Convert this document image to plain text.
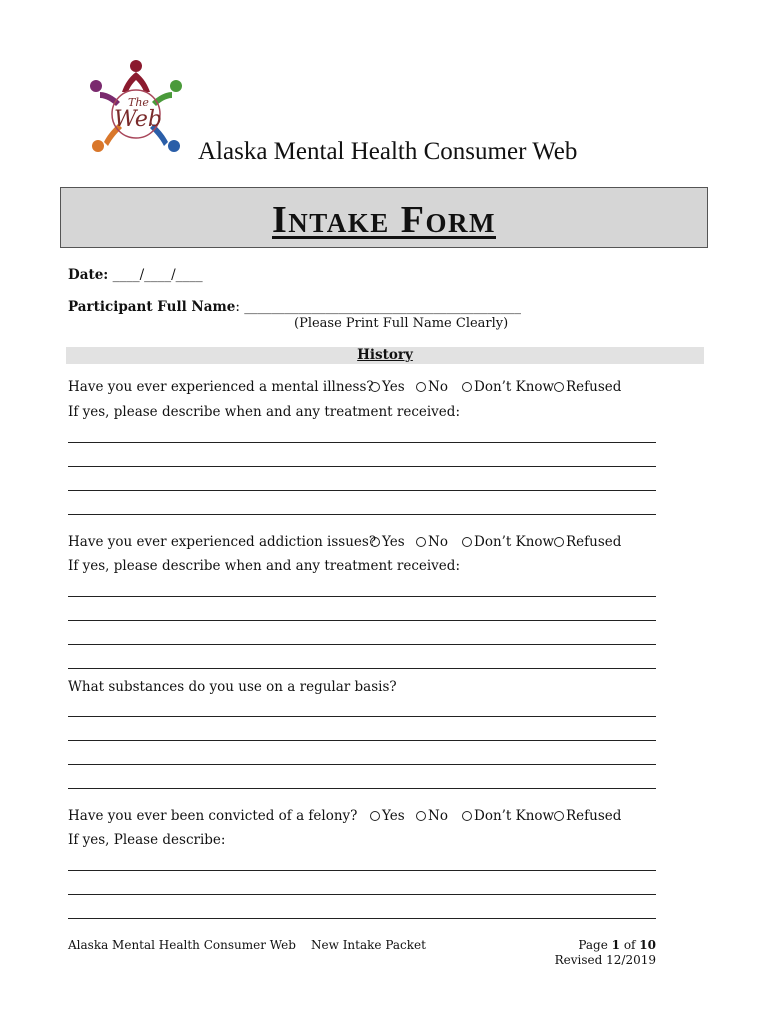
The
Web
Alaska Mental Health Consumer Web
Intake Form
Date: ____/____/____
Participant Full Name: _________________________________________
(Please Print Full Name Clearly)
History
Have you ever experienced a mental illness? Yes	No	Don’t Know Refused
If yes, please describe when and any treatment received:
Have you ever experienced addiction issues? Yes	No	Don’t Know Refused
If yes, please describe when and any treatment received:
What substances do you use on a regular basis?
Have you ever been convicted of a felony?	Yes	No	Don’t Know Refused
If yes, Please describe:
Alaska Mental Health Consumer Web New Intake Packet	Page 1 of 10
Revised 12/2019
